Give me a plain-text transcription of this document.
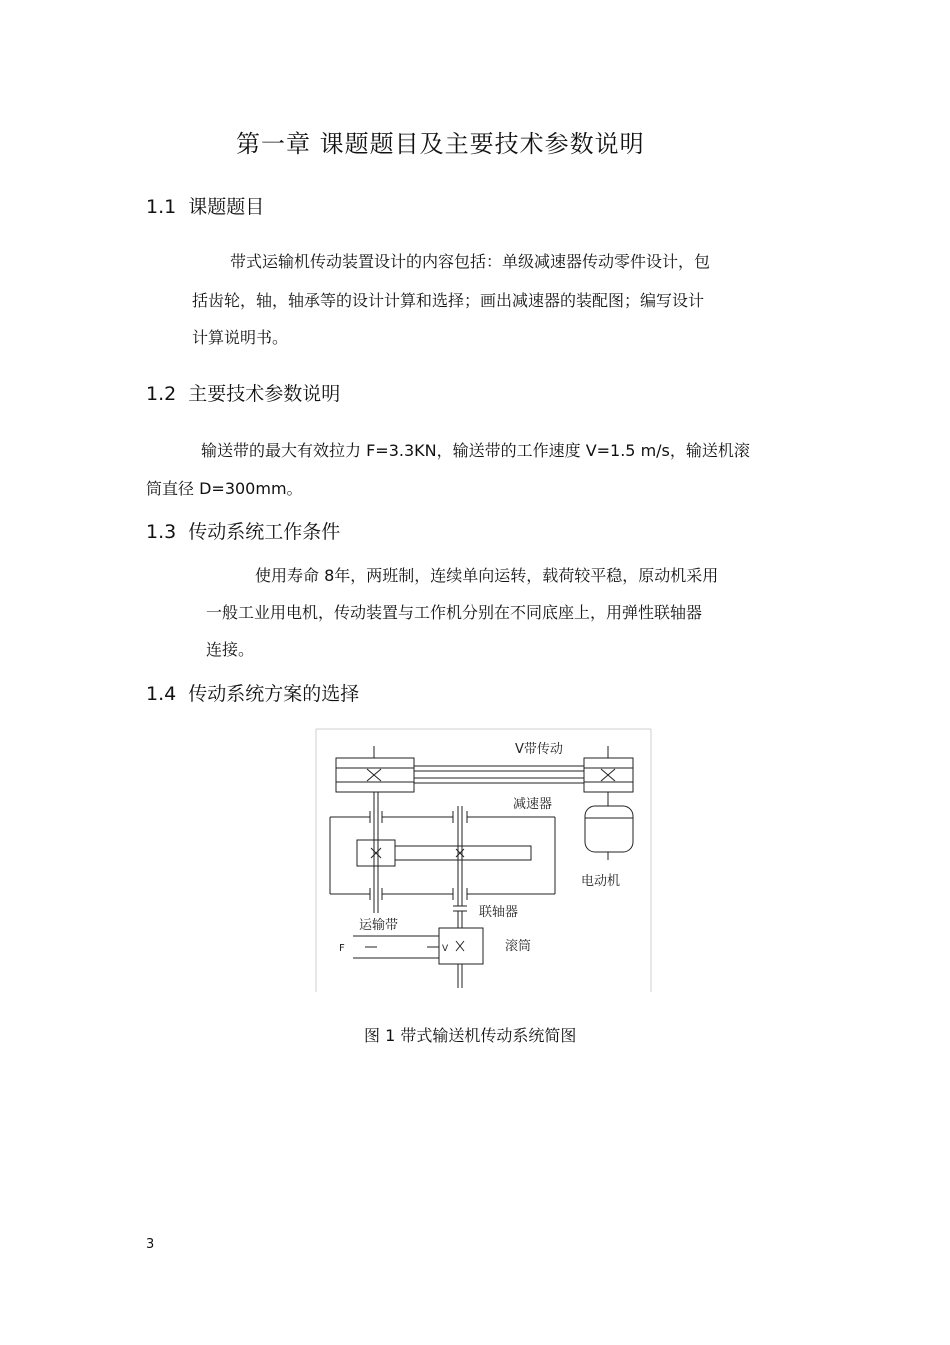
第一章 课题题目及主要技术参数说明
1.1 课题题目
带式运输机传动装置设计的内容包括：单级减速器传动零件设计，包
括齿轮，轴，轴承等的设计计算和选择；画出减速器的装配图；编写设计
计算说明书。
1.2 主要技术参数说明
输送带的最大有效拉力 F=3.3KN，输送带的工作速度 V=1.5 m/s，输送机滚
筒直径 D=300mm。
1.3 传动系统工作条件
使用寿命 8年，两班制，连续单向运转，载荷较平稳，原动机采用
一般工业用电机，传动装置与工作机分别在不同底座上，用弹性联轴器
连接。
1.4 传动系统方案的选择
V带传动
减速器
电动机
联轴器
运输带
滚筒
F	V
图 1 带式输送机传动系统简图
3
